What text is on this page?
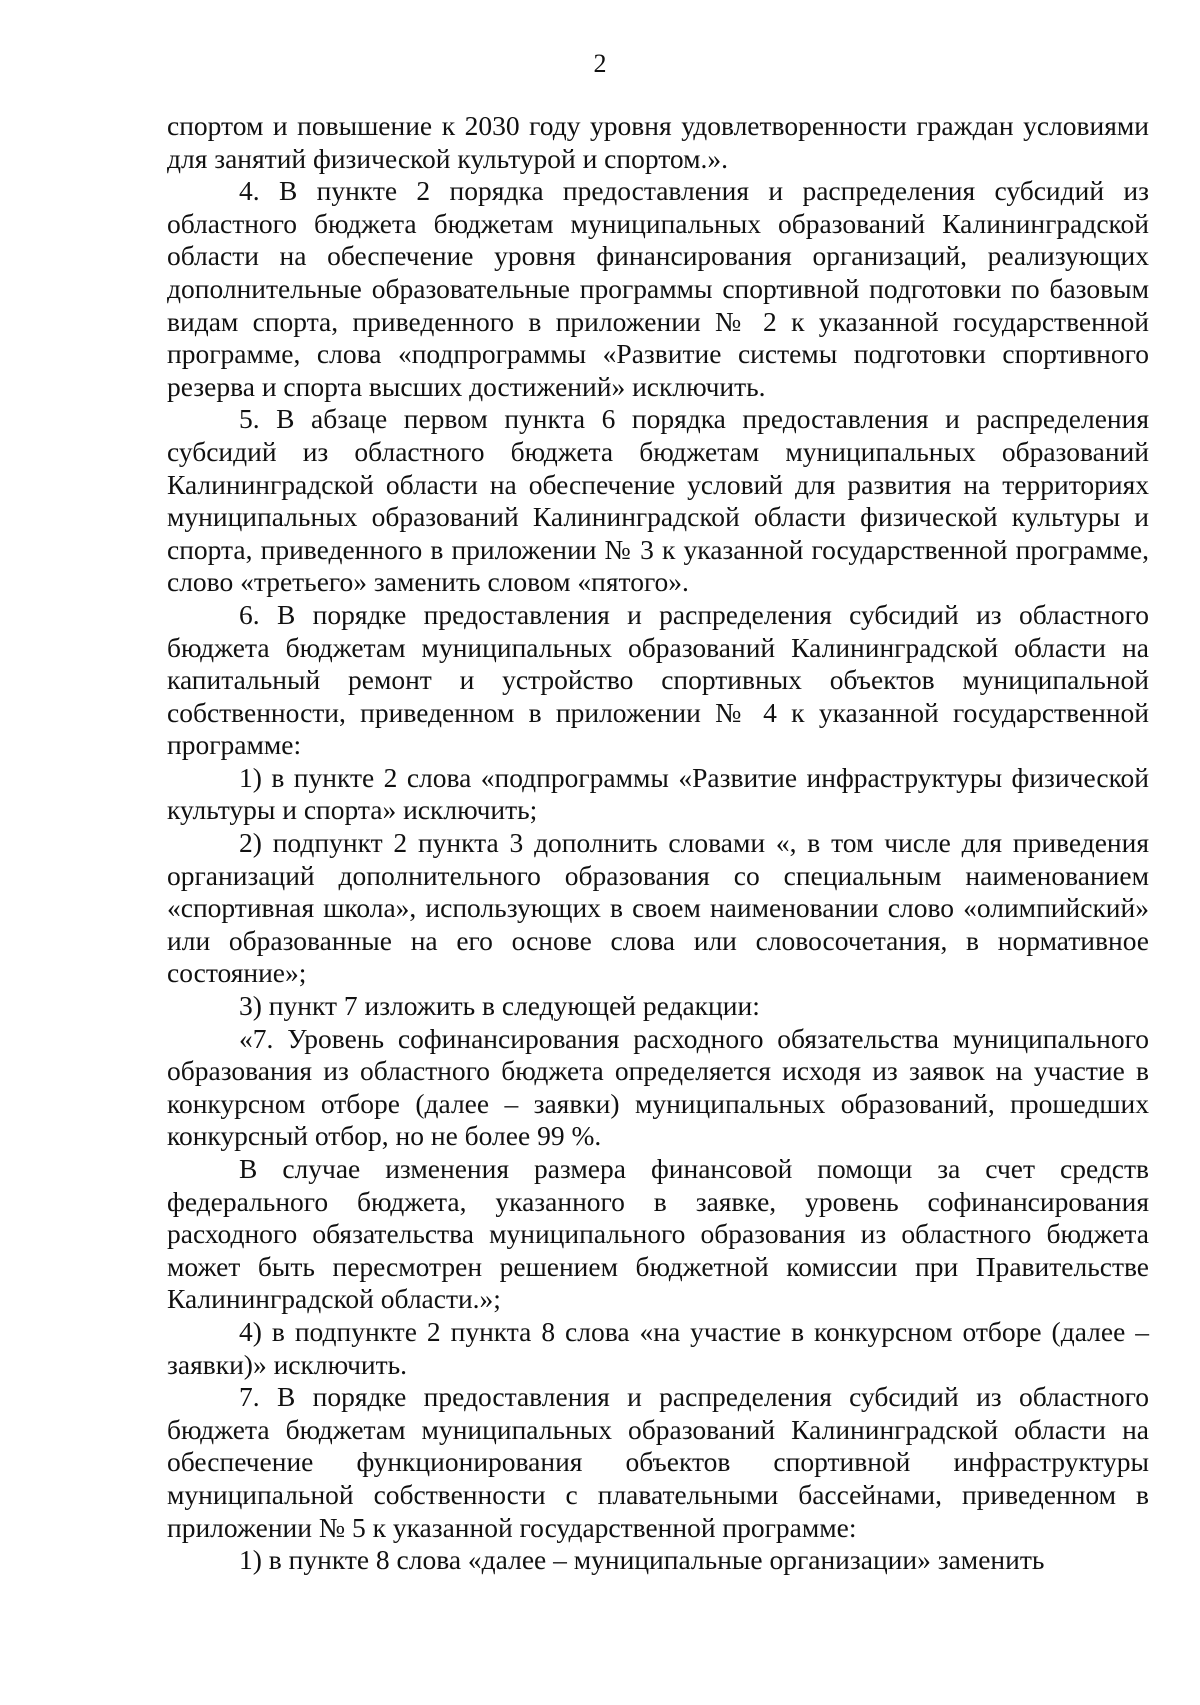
2

спортом и повышение к 2030 году уровня удовлетворенности граждан условиями для занятий физической культурой и спортом.».

4. В пункте 2 порядка предоставления и распределения субсидий из областного бюджета бюджетам муниципальных образований Калининградской области на обеспечение уровня финансирования организаций, реализующих дополнительные образовательные программы спортивной подготовки по базовым видам спорта, приведенного в приложении № 2 к указанной государственной программе, слова «подпрограммы «Развитие системы подготовки спортивного резерва и спорта высших достижений» исключить.

5. В абзаце первом пункта 6 порядка предоставления и распределения субсидий из областного бюджета бюджетам муниципальных образований Калининградской области на обеспечение условий для развития на территориях муниципальных образований Калининградской области физической культуры и спорта, приведенного в приложении № 3 к указанной государственной программе, слово «третьего» заменить словом «пятого».

6. В порядке предоставления и распределения субсидий из областного бюджета бюджетам муниципальных образований Калининградской области на капитальный ремонт и устройство спортивных объектов муниципальной собственности, приведенном в приложении № 4 к указанной государственной программе:

1) в пункте 2 слова «подпрограммы «Развитие инфраструктуры физической культуры и спорта» исключить;

2) подпункт 2 пункта 3 дополнить словами «, в том числе для приведения организаций дополнительного образования со специальным наименованием «спортивная школа», использующих в своем наименовании слово «олимпийский» или образованные на его основе слова или словосочетания, в нормативное состояние»;

3) пункт 7 изложить в следующей редакции:

«7. Уровень софинансирования расходного обязательства муниципального образования из областного бюджета определяется исходя из заявок на участие в конкурсном отборе (далее – заявки) муниципальных образований, прошедших конкурсный отбор, но не более 99 %.

В случае изменения размера финансовой помощи за счет средств федерального бюджета, указанного в заявке, уровень софинансирования расходного обязательства муниципального образования из областного бюджета может быть пересмотрен решением бюджетной комиссии при Правительстве Калининградской области.»;

4) в подпункте 2 пункта 8 слова «на участие в конкурсном отборе (далее – заявки)» исключить.

7. В порядке предоставления и распределения субсидий из областного бюджета бюджетам муниципальных образований Калининградской области на обеспечение функционирования объектов спортивной инфраструктуры муниципальной собственности с плавательными бассейнами, приведенном в приложении № 5 к указанной государственной программе:

1) в пункте 8 слова «далее – муниципальные организации» заменить
